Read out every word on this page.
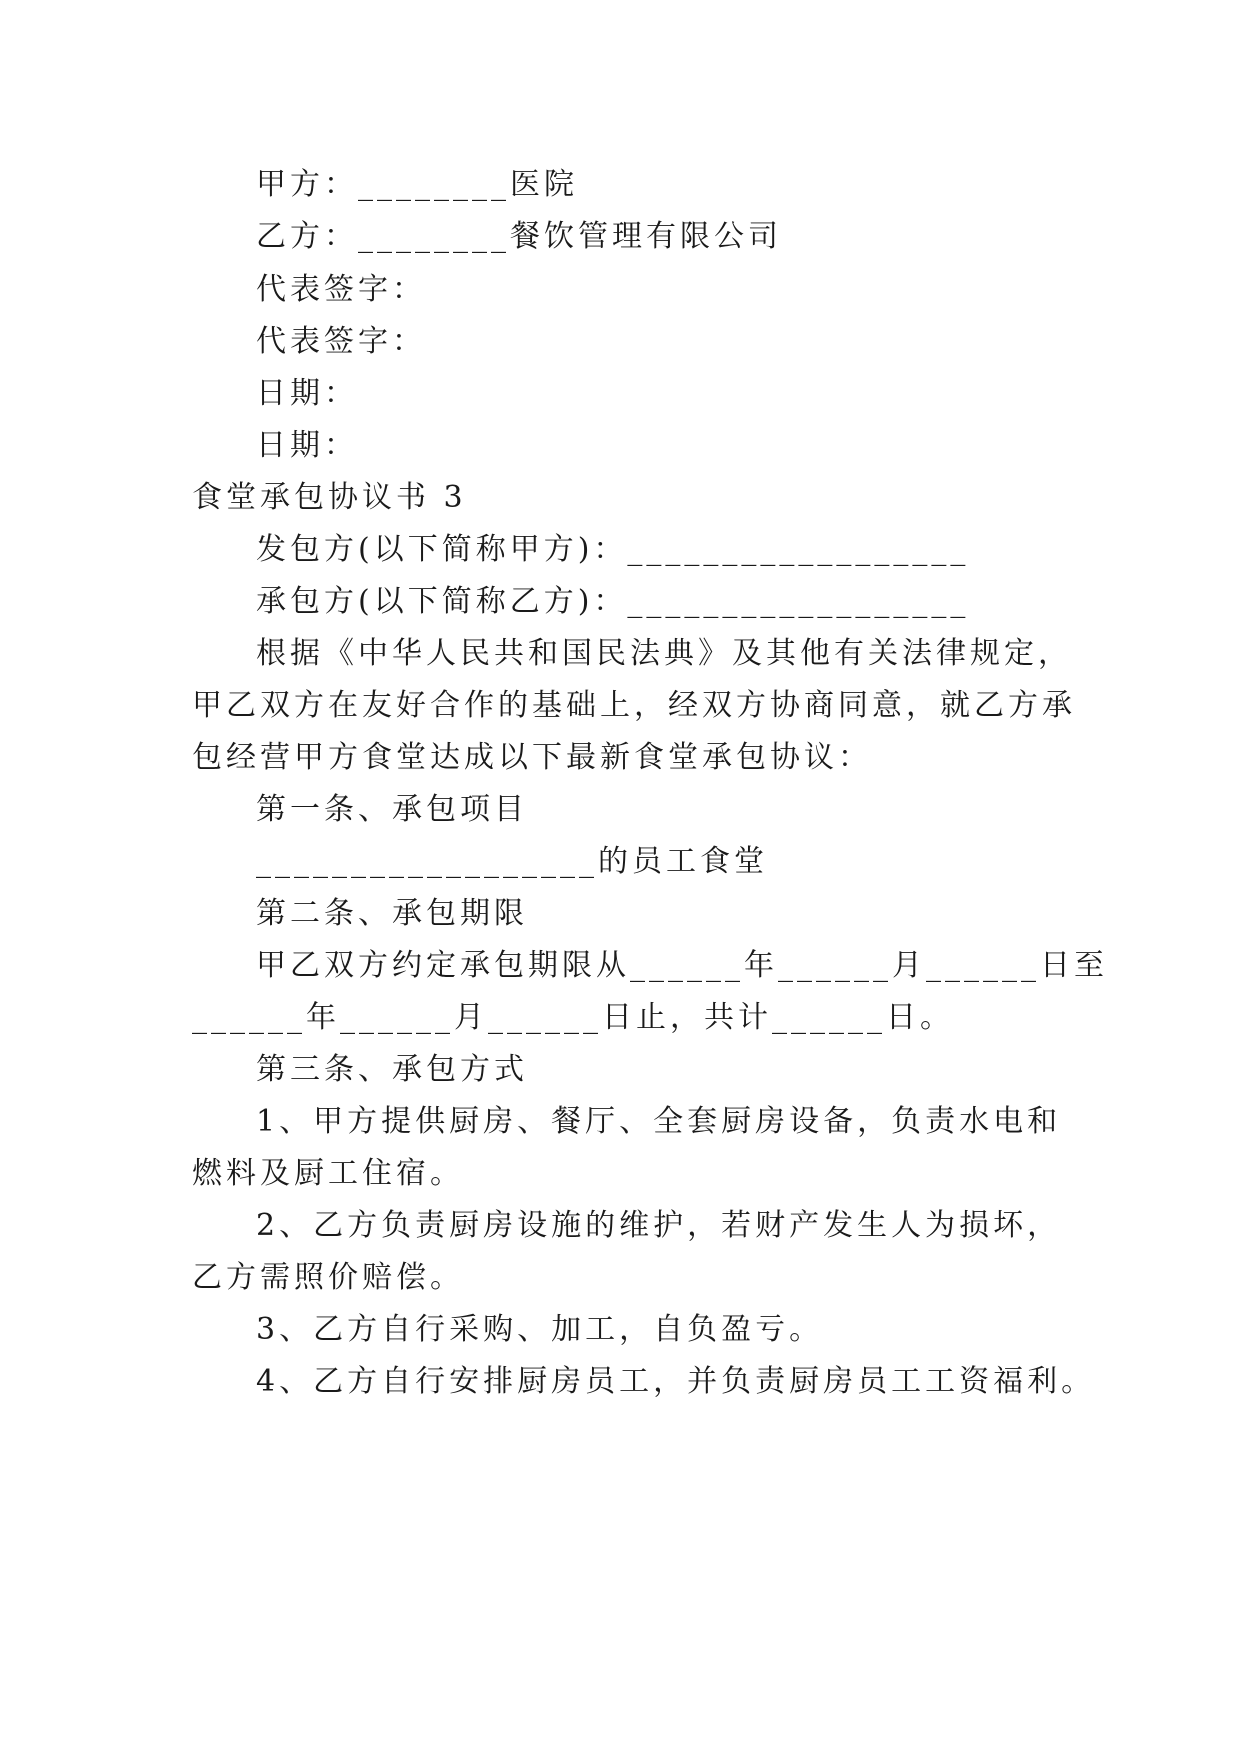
甲方：________医院
乙方：________餐饮管理有限公司
代表签字：
代表签字：
日期：
日期：
食堂承包协议书 3
发包方(以下简称甲方)：__________________
承包方(以下简称乙方)：__________________
根据《中华人民共和国民法典》及其他有关法律规定，
甲乙双方在友好合作的基础上，经双方协商同意，就乙方承
包经营甲方食堂达成以下最新食堂承包协议：
第一条、承包项目
__________________的员工食堂
第二条、承包期限
甲乙双方约定承包期限从______年______月______日至
______年______月______日止，共计______日。
第三条、承包方式
1、甲方提供厨房、餐厅、全套厨房设备，负责水电和
燃料及厨工住宿。
2、乙方负责厨房设施的维护，若财产发生人为损坏，
乙方需照价赔偿。
3、乙方自行采购、加工，自负盈亏。
4、乙方自行安排厨房员工，并负责厨房员工工资福利。
